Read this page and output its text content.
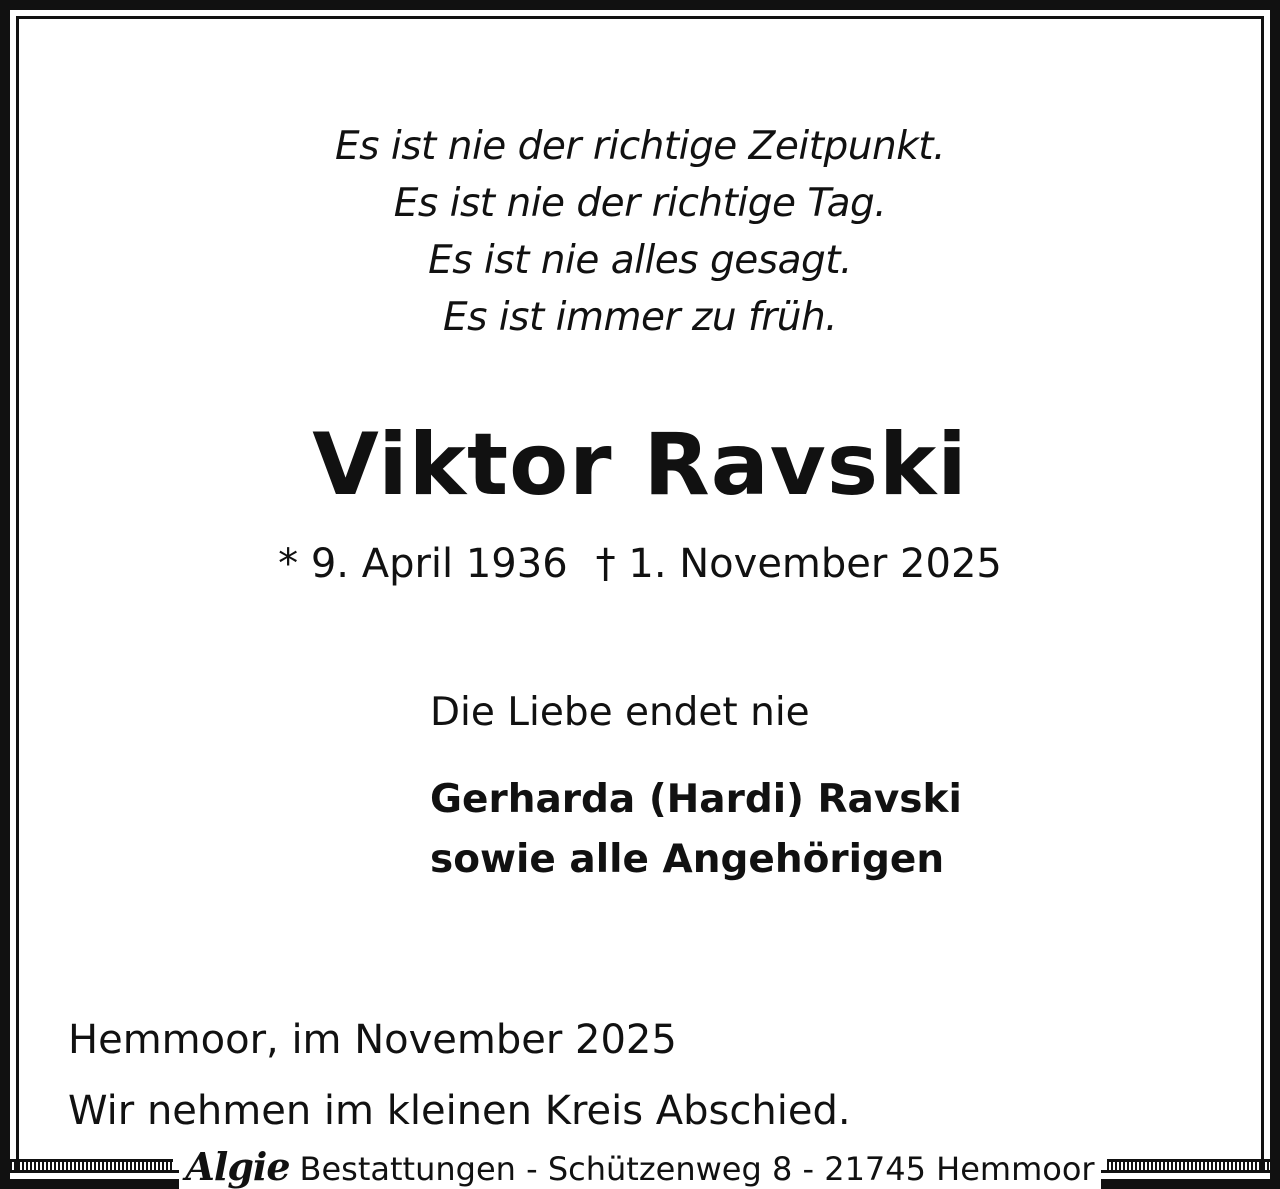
Es ist nie der richtige Zeitpunkt.
Es ist nie der richtige Tag.
Es ist nie alles gesagt.
Es ist immer zu früh.
Viktor Ravski
* 9. April 1936 † 1. November 2025
Die Liebe endet nie
Gerharda (Hardi) Ravski
sowie alle Angehörigen
Hemmoor, im November 2025
Wir nehmen im kleinen Kreis Abschied.
Algie Bestattungen - Schützenweg 8 - 21745 Hemmoor
